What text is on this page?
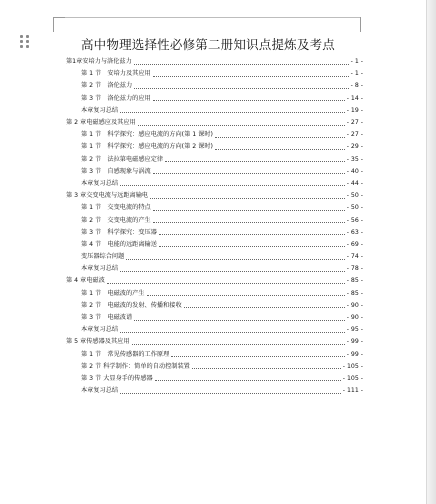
高中物理选择性必修第二册知识点提炼及考点
第1章安培力与洛伦兹力	- 1 -
第 1 节　安培力及其应用	- 1 -
第 2 节　洛伦兹力	- 8 -
第 3 节　洛伦兹力的应用	- 14 -
本章复习总结	- 19 -
第 2 章电磁感应及其应用	- 27 -
第 1 节　科学探究：感应电流的方向(第 1 课时)	- 27 -
第 1 节　科学探究：感应电流的方向(第 2 课时)	- 29 -
第 2 节　法拉第电磁感应定律	- 35 -
第 3 节　自感现象与涡流	- 40 -
本章复习总结	- 44 -
第 3 章交变电流与远距离输电	- 50 -
第 1 节　交变电流的特点	- 50 -
第 2 节　交变电流的产生	- 56 -
第 3 节　科学探究：变压器	- 63 -
第 4 节　电能的远距离输送	- 69 -
变压器综合问题	- 74 -
本章复习总结	- 78 -
第 4 章电磁波	- 85 -
第 1 节　电磁波的产生	- 85 -
第 2 节　电磁波的发射、传播和接收	- 90 -
第 3 节　电磁波谱	- 90 -
本章复习总结	- 95 -
第 5 章传感器及其应用	- 99 -
第 1 节　常见传感器的工作原理	- 99 -
第 2 节 科学制作：简单的自动控制装置	- 105 -
第 3 节 大显身手的传感器	- 105 -
本章复习总结	- 111 -
